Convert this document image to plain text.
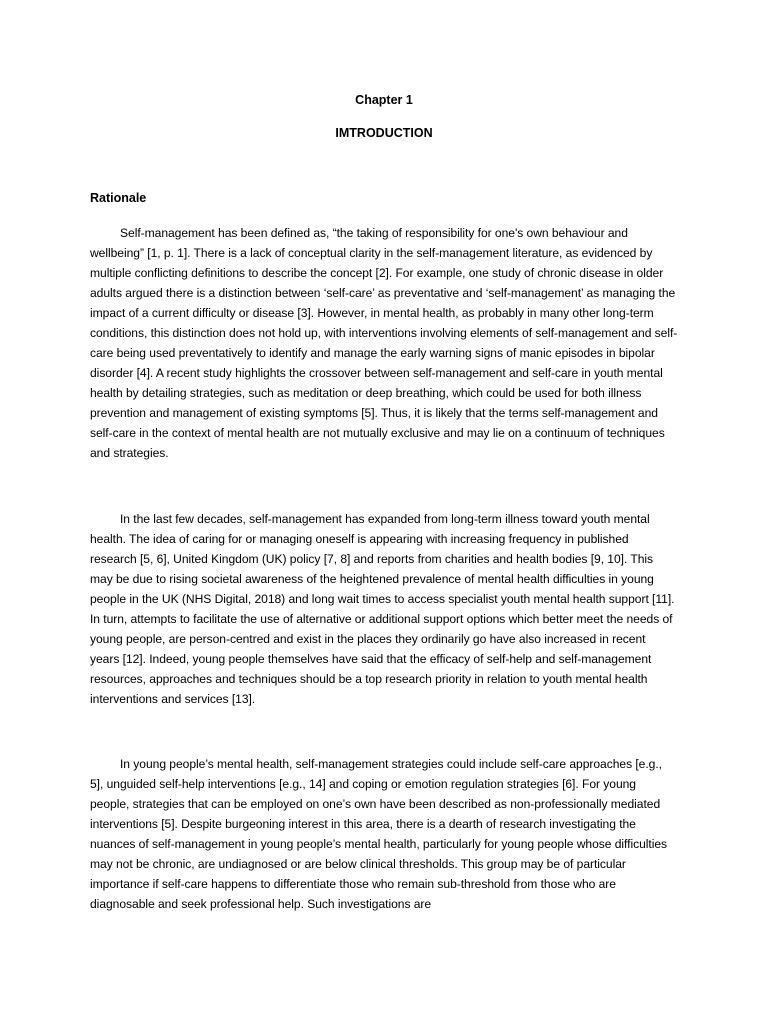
Chapter 1
IMTRODUCTION
Rationale

Self-management has been defined as, “the taking of responsibility for one's own behaviour and wellbeing” [1, p. 1]. There is a lack of conceptual clarity in the self-management literature, as evidenced by multiple conflicting definitions to describe the concept [2]. For example, one study of chronic disease in older adults argued there is a distinction between ‘self-care’ as preventative and ‘self-management’ as managing the impact of a current difficulty or disease [3]. However, in mental health, as probably in many other long-term conditions, this distinction does not hold up, with interventions involving elements of self-management and self-care being used preventatively to identify and manage the early warning signs of manic episodes in bipolar disorder [4]. A recent study highlights the crossover between self-management and self-care in youth mental health by detailing strategies, such as meditation or deep breathing, which could be used for both illness prevention and management of existing symptoms [5]. Thus, it is likely that the terms self-management and self-care in the context of mental health are not mutually exclusive and may lie on a continuum of techniques and strategies.

In the last few decades, self-management has expanded from long-term illness toward youth mental health. The idea of caring for or managing oneself is appearing with increasing frequency in published research [5, 6], United Kingdom (UK) policy [7, 8] and reports from charities and health bodies [9, 10]. This may be due to rising societal awareness of the heightened prevalence of mental health difficulties in young people in the UK (NHS Digital, 2018) and long wait times to access specialist youth mental health support [11]. In turn, attempts to facilitate the use of alternative or additional support options which better meet the needs of young people, are person-centred and exist in the places they ordinarily go have also increased in recent years [12]. Indeed, young people themselves have said that the efficacy of self-help and self-management resources, approaches and techniques should be a top research priority in relation to youth mental health interventions and services [13].

In young people’s mental health, self-management strategies could include self-care approaches [e.g., 5], unguided self-help interventions [e.g., 14] and coping or emotion regulation strategies [6]. For young people, strategies that can be employed on one’s own have been described as non-professionally mediated interventions [5]. Despite burgeoning interest in this area, there is a dearth of research investigating the nuances of self-management in young people’s mental health, particularly for young people whose difficulties may not be chronic, are undiagnosed or are below clinical thresholds. This group may be of particular importance if self-care happens to differentiate those who remain sub-threshold from those who are diagnosable and seek professional help. Such investigations are
